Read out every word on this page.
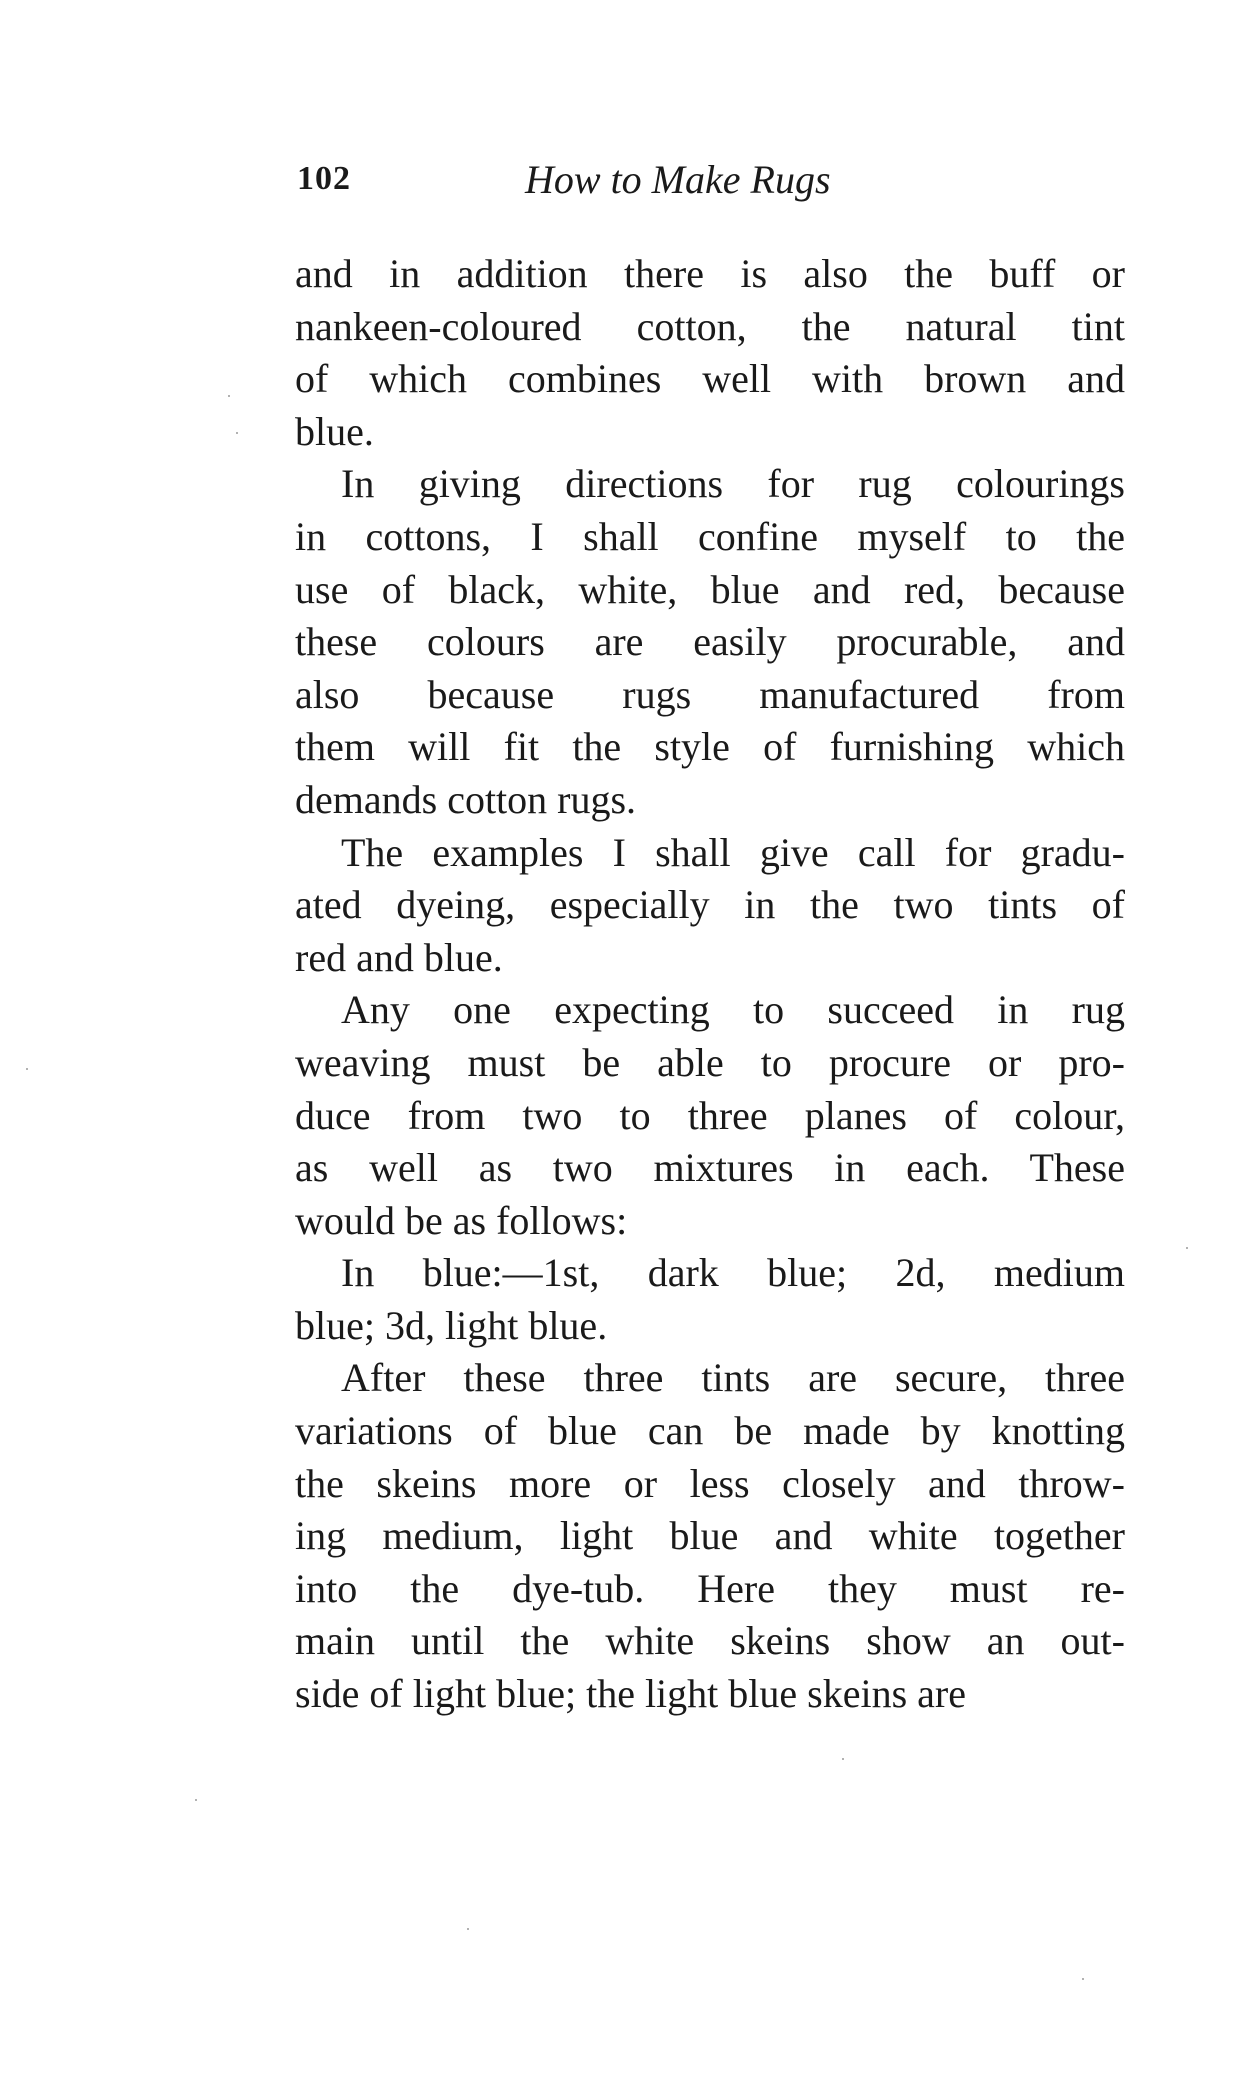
102	How to Make Rugs
and in addition there is also the buff or
nankeen-coloured cotton, the natural tint
of which combines well with brown and
blue.
In giving directions for rug colourings
in cottons, I shall confine myself to the
use of black, white, blue and red, because
these colours are easily procurable, and
also because rugs manufactured from
them will fit the style of furnishing which
demands cotton rugs.
The examples I shall give call for gradu-
ated dyeing, especially in the two tints of
red and blue.
Any one expecting to succeed in rug
weaving must be able to procure or pro-
duce from two to three planes of colour,
as well as two mixtures in each. These
would be as follows:
In blue:—1st, dark blue; 2d, medium
blue; 3d, light blue.
After these three tints are secure, three
variations of blue can be made by knotting
the skeins more or less closely and throw-
ing medium, light blue and white together
into the dye-tub. Here they must re-
main until the white skeins show an out-
side of light blue; the light blue skeins are
